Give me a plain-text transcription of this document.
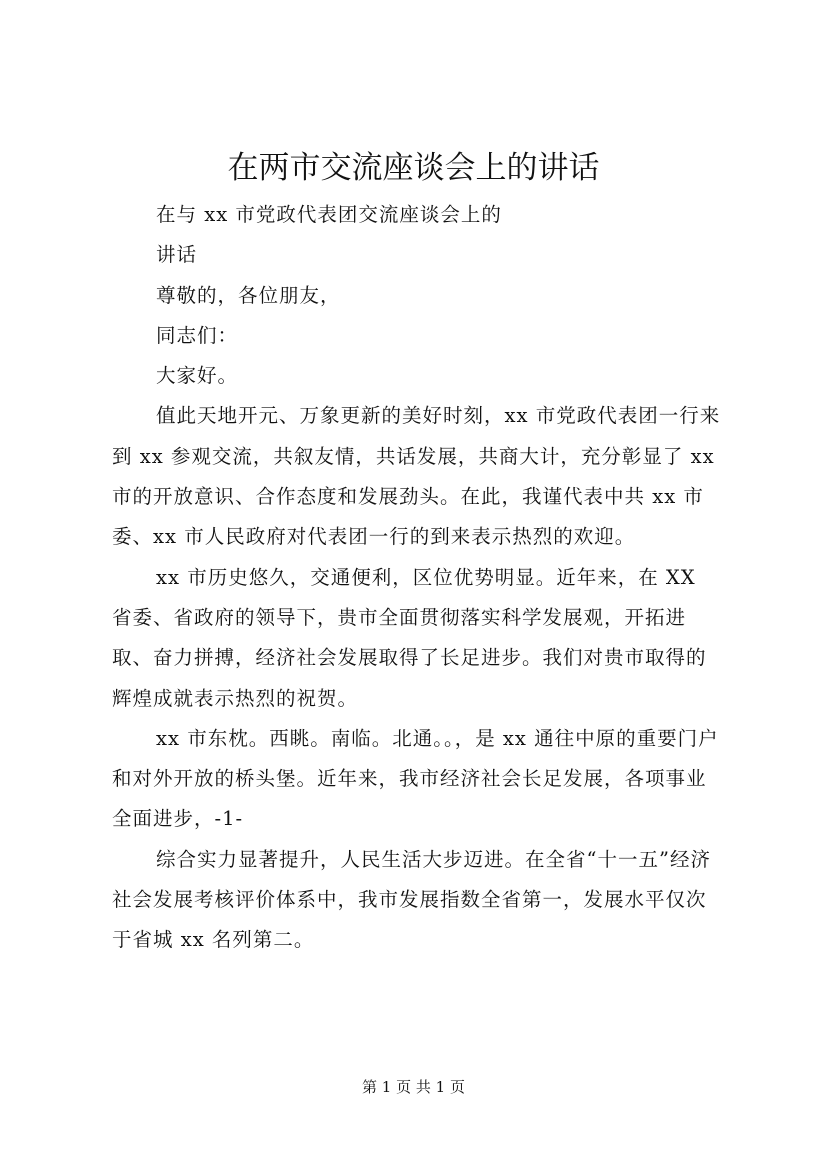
在两市交流座谈会上的讲话

在与 xx 市党政代表团交流座谈会上的

讲话

尊敬的，各位朋友，

同志们：

大家好。

值此天地开元、万象更新的美好时刻，xx 市党政代表团一行来到 xx 参观交流，共叙友情，共话发展，共商大计，充分彰显了 xx 市的开放意识、合作态度和发展劲头。在此，我谨代表中共 xx 市委、xx 市人民政府对代表团一行的到来表示热烈的欢迎。

xx 市历史悠久，交通便利，区位优势明显。近年来，在 XX 省委、省政府的领导下，贵市全面贯彻落实科学发展观，开拓进取、奋力拼搏，经济社会发展取得了长足进步。我们对贵市取得的辉煌成就表示热烈的祝贺。

xx 市东枕。西眺。南临。北通。。，是 xx 通往中原的重要门户和对外开放的桥头堡。近年来，我市经济社会长足发展，各项事业全面进步，-1-

综合实力显著提升，人民生活大步迈进。在全省“十一五”经济社会发展考核评价体系中，我市发展指数全省第一，发展水平仅次于省城 xx 名列第二。

第 1 页 共 1 页
